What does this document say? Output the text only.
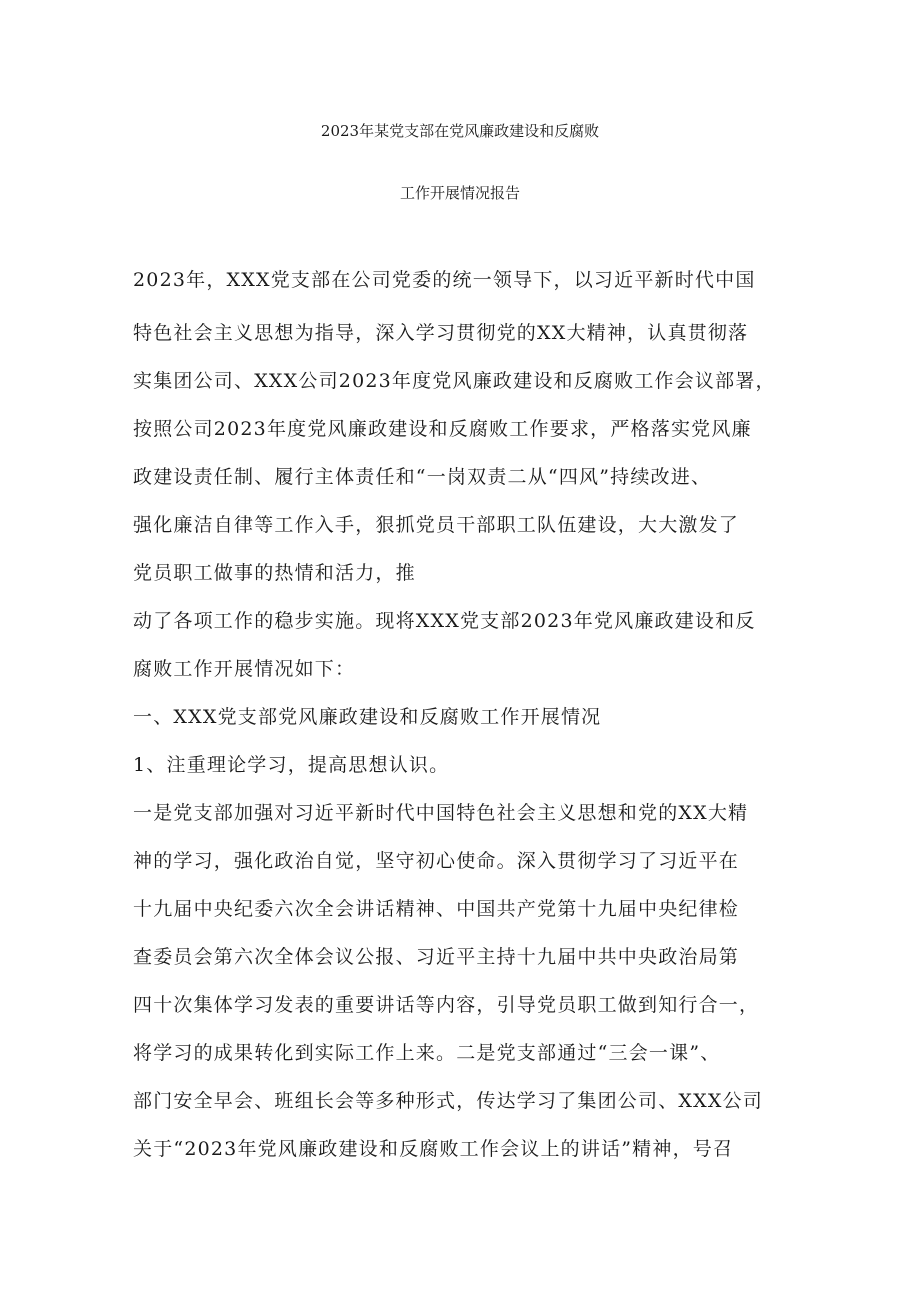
2023年某党支部在党风廉政建设和反腐败
工作开展情况报告
2023年，XXX党支部在公司党委的统一领导下，以习近平新时代中国
特色社会主义思想为指导，深入学习贯彻党的XX大精神，认真贯彻落
实集团公司、XXX公司2023年度党风廉政建设和反腐败工作会议部署，
按照公司2023年度党风廉政建设和反腐败工作要求，严格落实党风廉
政建设责任制、履行主体责任和“一岗双责二从“四风”持续改进、
强化廉洁自律等工作入手，狠抓党员干部职工队伍建设，大大激发了
党员职工做事的热情和活力，推
动了各项工作的稳步实施。现将XXX党支部2023年党风廉政建设和反
腐败工作开展情况如下：
一、XXX党支部党风廉政建设和反腐败工作开展情况
1、注重理论学习，提高思想认识。
一是党支部加强对习近平新时代中国特色社会主义思想和党的XX大精
神的学习，强化政治自觉，坚守初心使命。深入贯彻学习了习近平在
十九届中央纪委六次全会讲话精神、中国共产党第十九届中央纪律检
查委员会第六次全体会议公报、习近平主持十九届中共中央政治局第
四十次集体学习发表的重要讲话等内容，引导党员职工做到知行合一，
将学习的成果转化到实际工作上来。二是党支部通过“三会一课”、
部门安全早会、班组长会等多种形式，传达学习了集团公司、XXX公司
关于“2023年党风廉政建设和反腐败工作会议上的讲话”精神，号召
